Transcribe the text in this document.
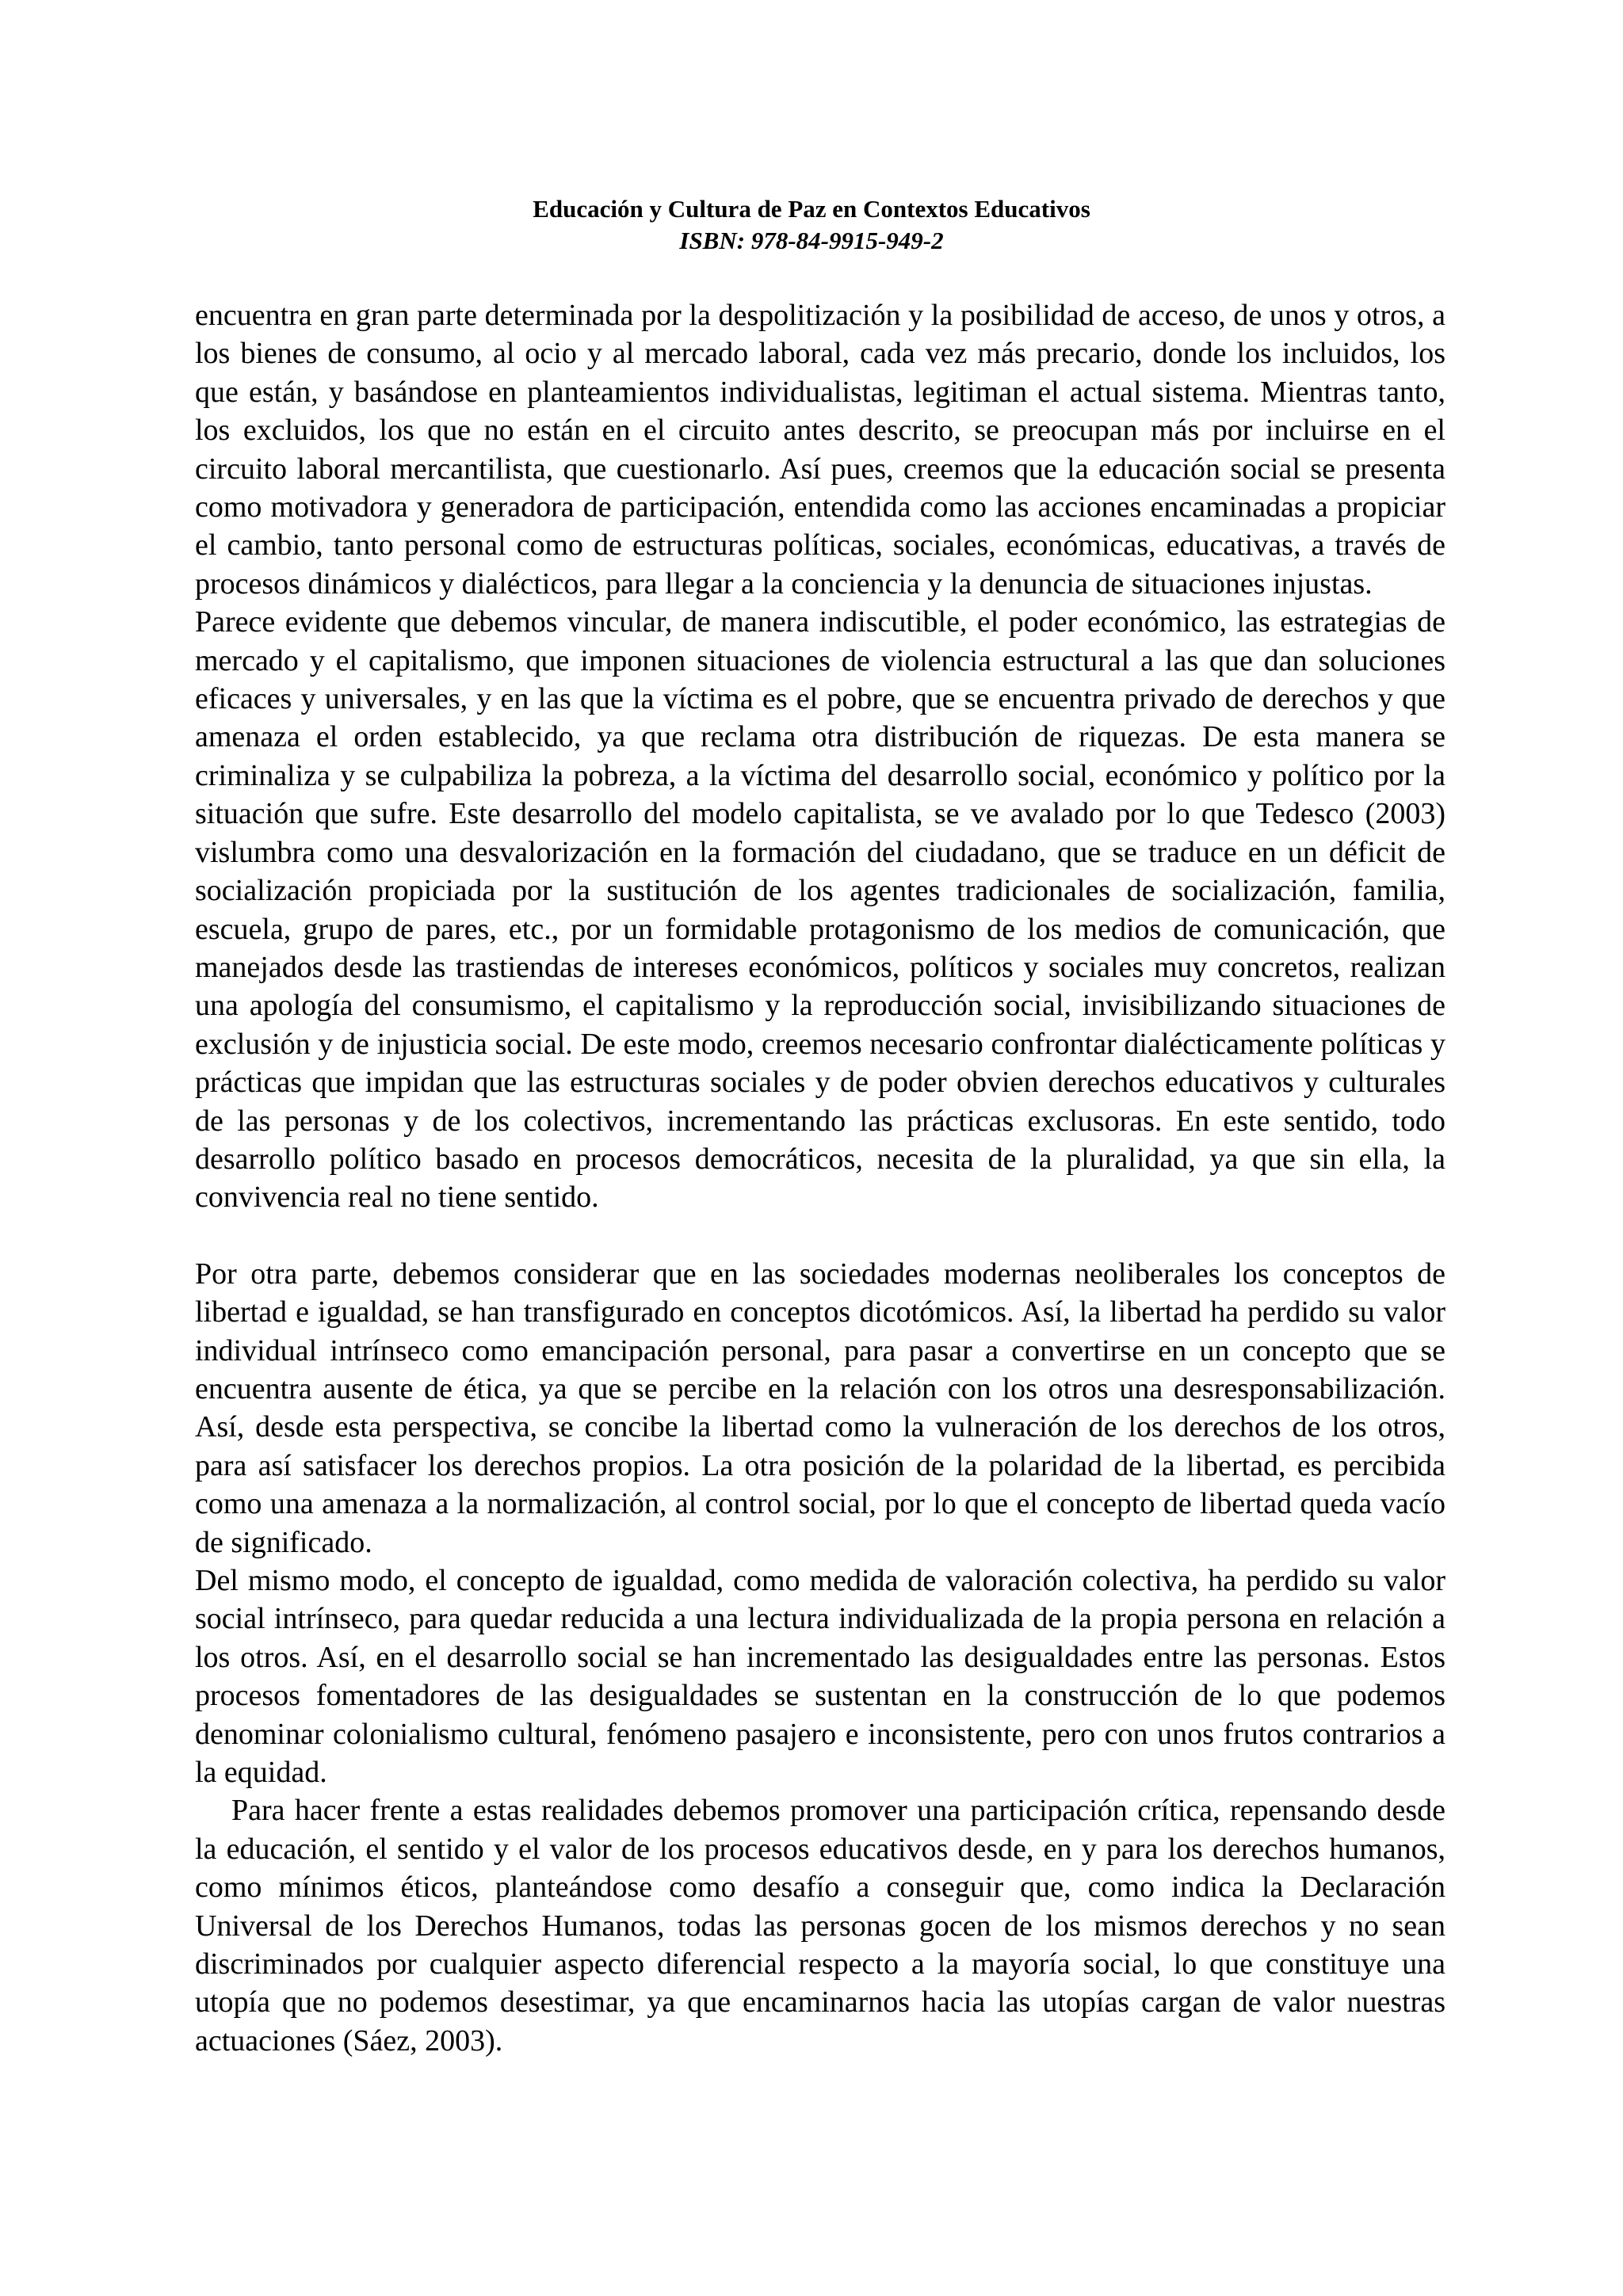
Educación y Cultura de Paz en Contextos Educativos
ISBN: 978-84-9915-949-2

encuentra en gran parte determinada por la despolitización y la posibilidad de acceso, de unos y otros, a los bienes de consumo, al ocio y al mercado laboral, cada vez más precario, donde los incluidos, los que están, y basándose en planteamientos individualistas, legitiman el actual sistema. Mientras tanto, los excluidos, los que no están en el circuito antes descrito, se preocupan más por incluirse en el circuito laboral mercantilista, que cuestionarlo. Así pues, creemos que la educación social se presenta como motivadora y generadora de participación, entendida como las acciones encaminadas a propiciar el cambio, tanto personal como de estructuras políticas, sociales, económicas, educativas, a través de procesos dinámicos y dialécticos, para llegar a la conciencia y la denuncia de situaciones injustas.

Parece evidente que debemos vincular, de manera indiscutible, el poder económico, las estrategias de mercado y el capitalismo, que imponen situaciones de violencia estructural a las que dan soluciones eficaces y universales, y en las que la víctima es el pobre, que se encuentra privado de derechos y que amenaza el orden establecido, ya que reclama otra distribución de riquezas. De esta manera se criminaliza y se culpabiliza la pobreza, a la víctima del desarrollo social, económico y político por la situación que sufre. Este desarrollo del modelo capitalista, se ve avalado por lo que Tedesco (2003) vislumbra como una desvalorización en la formación del ciudadano, que se traduce en un déficit de socialización propiciada por la sustitución de los agentes tradicionales de socialización, familia, escuela, grupo de pares, etc., por un formidable protagonismo de los medios de comunicación, que manejados desde las trastiendas de intereses económicos, políticos y sociales muy concretos, realizan una apología del consumismo, el capitalismo y la reproducción social, invisibilizando situaciones de exclusión y de injusticia social. De este modo, creemos necesario confrontar dialécticamente políticas y prácticas que impidan que las estructuras sociales y de poder obvien derechos educativos y culturales de las personas y de los colectivos, incrementando las prácticas exclusoras. En este sentido, todo desarrollo político basado en procesos democráticos, necesita de la pluralidad, ya que sin ella, la convivencia real no tiene sentido.

Por otra parte, debemos considerar que en las sociedades modernas neoliberales los conceptos de libertad e igualdad, se han transfigurado en conceptos dicotómicos. Así, la libertad ha perdido su valor individual intrínseco como emancipación personal, para pasar a convertirse en un concepto que se encuentra ausente de ética, ya que se percibe en la relación con los otros una desresponsabilización. Así, desde esta perspectiva, se concibe la libertad como la vulneración de los derechos de los otros, para así satisfacer los derechos propios. La otra posición de la polaridad de la libertad, es percibida como una amenaza a la normalización, al control social, por lo que el concepto de libertad queda vacío de significado.

Del mismo modo, el concepto de igualdad, como medida de valoración colectiva, ha perdido su valor social intrínseco, para quedar reducida a una lectura individualizada de la propia persona en relación a los otros. Así, en el desarrollo social se han incrementado las desigualdades entre las personas. Estos procesos fomentadores de las desigualdades se sustentan en la construcción de lo que podemos denominar colonialismo cultural, fenómeno pasajero e inconsistente, pero con unos frutos contrarios a la equidad.

Para hacer frente a estas realidades debemos promover una participación crítica, repensando desde la educación, el sentido y el valor de los procesos educativos desde, en y para los derechos humanos, como mínimos éticos, planteándose como desafío a conseguir que, como indica la Declaración Universal de los Derechos Humanos, todas las personas gocen de los mismos derechos y no sean discriminados por cualquier aspecto diferencial respecto a la mayoría social, lo que constituye una utopía que no podemos desestimar, ya que encaminarnos hacia las utopías cargan de valor nuestras actuaciones (Sáez, 2003).
